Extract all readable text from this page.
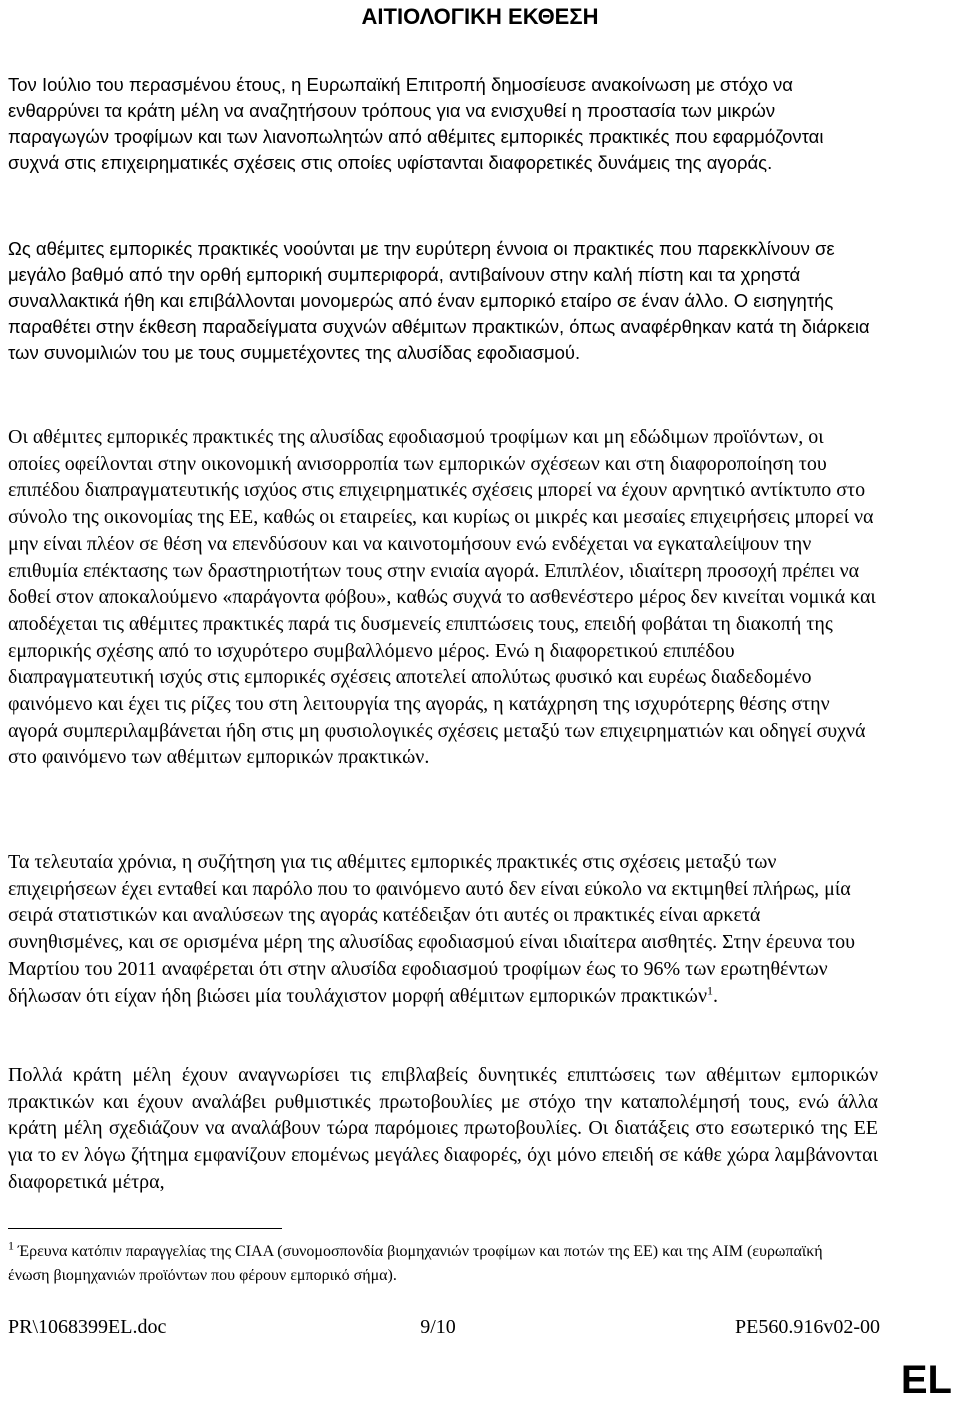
ΑΙΤΙΟΛΟΓΙΚΗ ΕΚΘΕΣΗ

Τον Ιούλιο του περασμένου έτους, η Ευρωπαϊκή Επιτροπή δημοσίευσε ανακοίνωση με στόχο να ενθαρρύνει τα κράτη μέλη να αναζητήσουν τρόπους για να ενισχυθεί η προστασία των μικρών παραγωγών τροφίμων και των λιανοπωλητών από αθέμιτες εμπορικές πρακτικές που εφαρμόζονται συχνά στις επιχειρηματικές σχέσεις στις οποίες υφίστανται διαφορετικές δυνάμεις της αγοράς.

Ως αθέμιτες εμπορικές πρακτικές νοούνται με την ευρύτερη έννοια οι πρακτικές που παρεκκλίνουν σε μεγάλο βαθμό από την ορθή εμπορική συμπεριφορά, αντιβαίνουν στην καλή πίστη και τα χρηστά συναλλακτικά ήθη και επιβάλλονται μονομερώς από έναν εμπορικό εταίρο σε έναν άλλο. Ο εισηγητής παραθέτει στην έκθεση παραδείγματα συχνών αθέμιτων πρακτικών, όπως αναφέρθηκαν κατά τη διάρκεια των συνομιλιών του με τους συμμετέχοντες της αλυσίδας εφοδιασμού.

Οι αθέμιτες εμπορικές πρακτικές της αλυσίδας εφοδιασμού τροφίμων και μη εδώδιμων προϊόντων, οι οποίες οφείλονται στην οικονομική ανισορροπία των εμπορικών σχέσεων και στη διαφοροποίηση του επιπέδου διαπραγματευτικής ισχύος στις επιχειρηματικές σχέσεις μπορεί να έχουν αρνητικό αντίκτυπο στο σύνολο της οικονομίας της ΕΕ, καθώς οι εταιρείες, και κυρίως οι μικρές και μεσαίες επιχειρήσεις μπορεί να μην είναι πλέον σε θέση να επενδύσουν και να καινοτομήσουν ενώ ενδέχεται να εγκαταλείψουν την επιθυμία επέκτασης των δραστηριοτήτων τους στην ενιαία αγορά. Επιπλέον, ιδιαίτερη προσοχή πρέπει να δοθεί στον αποκαλούμενο «παράγοντα φόβου», καθώς συχνά το ασθενέστερο μέρος δεν κινείται νομικά και αποδέχεται τις αθέμιτες πρακτικές παρά τις δυσμενείς επιπτώσεις τους, επειδή φοβάται τη διακοπή της εμπορικής σχέσης από το ισχυρότερο συμβαλλόμενο μέρος. Ενώ η διαφορετικού επιπέδου διαπραγματευτική ισχύς στις εμπορικές σχέσεις αποτελεί απολύτως φυσικό και ευρέως διαδεδομένο φαινόμενο και έχει τις ρίζες του στη λειτουργία της αγοράς, η κατάχρηση της ισχυρότερης θέσης στην αγορά συμπεριλαμβάνεται ήδη στις μη φυσιολογικές σχέσεις μεταξύ των επιχειρηματιών και οδηγεί συχνά στο φαινόμενο των αθέμιτων εμπορικών πρακτικών.

Τα τελευταία χρόνια, η συζήτηση για τις αθέμιτες εμπορικές πρακτικές στις σχέσεις μεταξύ των επιχειρήσεων έχει ενταθεί και παρόλο που το φαινόμενο αυτό δεν είναι εύκολο να εκτιμηθεί πλήρως, μία σειρά στατιστικών και αναλύσεων της αγοράς κατέδειξαν ότι αυτές οι πρακτικές είναι αρκετά συνηθισμένες, και σε ορισμένα μέρη της αλυσίδας εφοδιασμού είναι ιδιαίτερα αισθητές. Στην έρευνα του Μαρτίου του 2011 αναφέρεται ότι στην αλυσίδα εφοδιασμού τροφίμων έως το 96% των ερωτηθέντων δήλωσαν ότι είχαν ήδη βιώσει μία τουλάχιστον μορφή αθέμιτων εμπορικών πρακτικών$^1$.

Πολλά κράτη μέλη έχουν αναγνωρίσει τις επιβλαβείς δυνητικές επιπτώσεις των αθέμιτων εμπορικών πρακτικών και έχουν αναλάβει ρυθμιστικές πρωτοβουλίες με στόχο την καταπολέμησή τους, ενώ άλλα κράτη μέλη σχεδιάζουν να αναλάβουν τώρα παρόμοιες πρωτοβουλίες. Οι διατάξεις στο εσωτερικό της ΕΕ για το εν λόγω ζήτημα εμφανίζουν επομένως μεγάλες διαφορές, όχι μόνο επειδή σε κάθε χώρα λαμβάνονται διαφορετικά μέτρα,

$^1$ Έρευνα κατόπιν παραγγελίας της CIAA (συνομοσπονδία βιομηχανιών τροφίμων και ποτών της ΕΕ) και της AIM (ευρωπαϊκή ένωση βιομηχανιών προϊόντων που φέρουν εμπορικό σήμα).
PR\1068399EL.doc	9/10	PE560.916v02-00
EL
